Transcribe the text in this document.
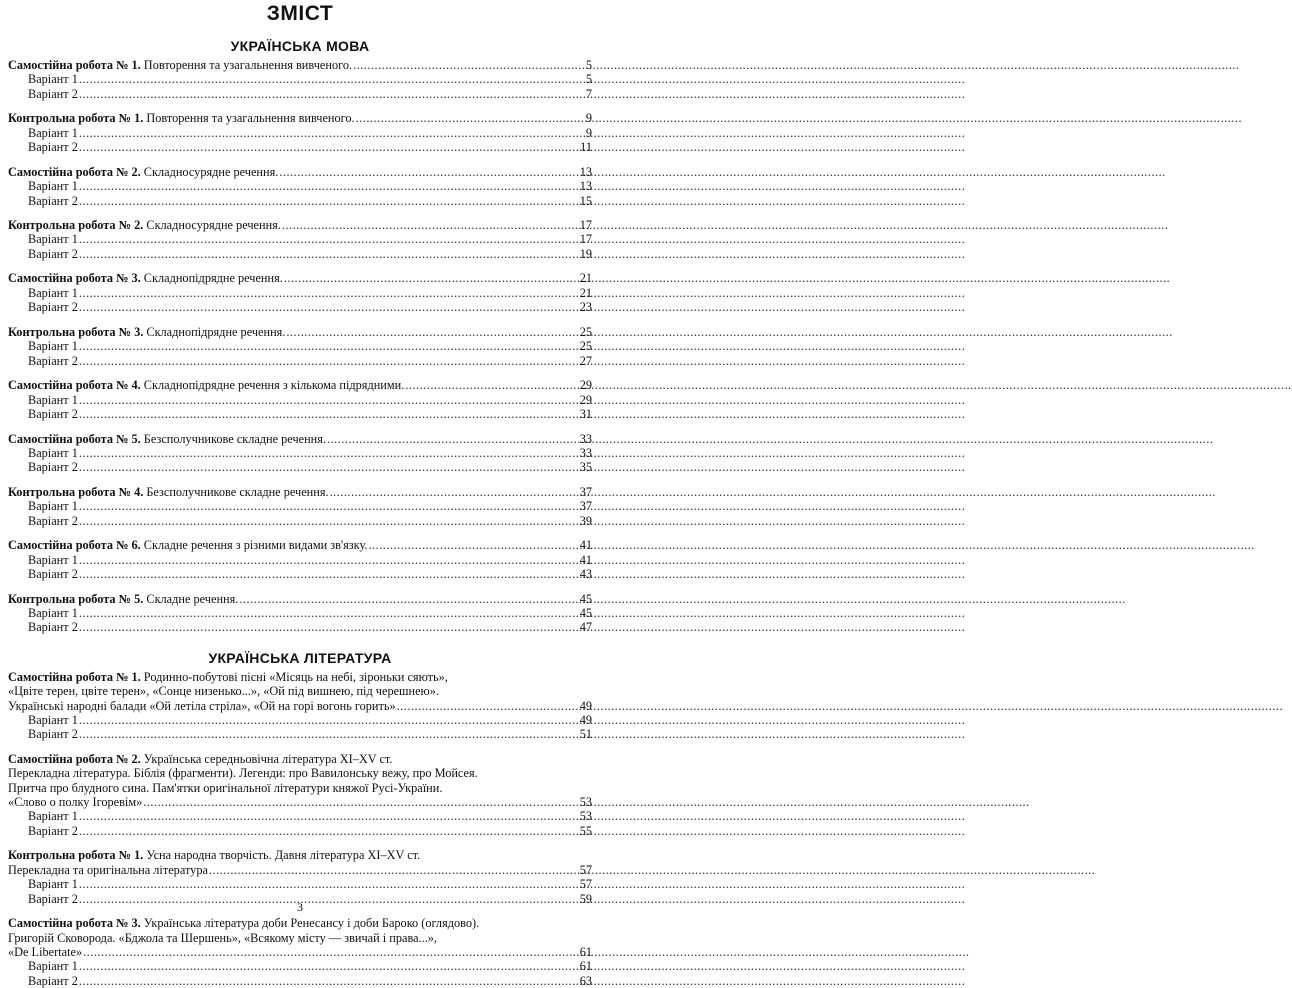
ЗМІСТ
УКРАЇНСЬКА МОВА
Самостійна робота № 1. Повторення та узагальнення вивченого. .....	5
Варіант 1 .....	5
Варіант 2 .....	7
Контрольна робота № 1. Повторення та узагальнення вивченого. .....	9
Варіант 1 .....	9
Варіант 2 .....	11
Самостійна робота № 2. Складносурядне речення. .....	13
Варіант 1 .....	13
Варіант 2 .....	15
Контрольна робота № 2. Складносурядне речення. .....	17
Варіант 1 .....	17
Варіант 2 .....	19
Самостійна робота № 3. Складнопідрядне речення. .....	21
Варіант 1 .....	21
Варіант 2 .....	23
Контрольна робота № 3. Складнопідрядне речення. .....	25
Варіант 1 .....	25
Варіант 2 .....	27
Самостійна робота № 4. Складнопідрядне речення з кількома підрядними. .....	29
Варіант 1 .....	29
Варіант 2 .....	31
Самостійна робота № 5. Безсполучникове складне речення. .....	33
Варіант 1 .....	33
Варіант 2 .....	35
Контрольна робота № 4. Безсполучникове складне речення. .....	37
Варіант 1 .....	37
Варіант 2 .....	39
Самостійна робота № 6. Складне речення з різними видами зв'язку. .....	41
Варіант 1 .....	41
Варіант 2 .....	43
Контрольна робота № 5. Складне речення. .....	45
Варіант 1 .....	45
Варіант 2 .....	47
УКРАЇНСЬКА ЛІТЕРАТУРА
Самостійна робота № 1. Родинно-побутові пісні «Місяць на небі, зіроньки сяють»,
«Цвіте терен, цвіте терен», «Сонце низенько...», «Ой під вишнею, під черешнею».
Українські народні балади «Ой летіла стріла», «Ой на горі вогонь горить» .....	49
Варіант 1 .....	49
Варіант 2 .....	51
Самостійна робота № 2. Українська середньовічна література XI–XV ст.
Перекладна література. Біблія (фрагменти). Легенди: про Вавилонську вежу, про Мойсея.
Притча про блудного сина. Пам'ятки оригінальної літератури княжої Русі-України.
«Слово о полку Ігоревім» .....	53
Варіант 1 .....	53
Варіант 2 .....	55
Контрольна робота № 1. Усна народна творчість. Давня література XI–XV ст.
Перекладна та оригінальна література .....	57
Варіант 1 .....	57
Варіант 2 .....	59
Самостійна робота № 3. Українська література доби Ренесансу і доби Бароко (оглядово).
Григорій Сковорода. «Бджола та Шершень», «Всякому місту — звичай і права...»,
«De Libertate» .....	61
Варіант 1 .....	61
Варіант 2 .....	63
3
